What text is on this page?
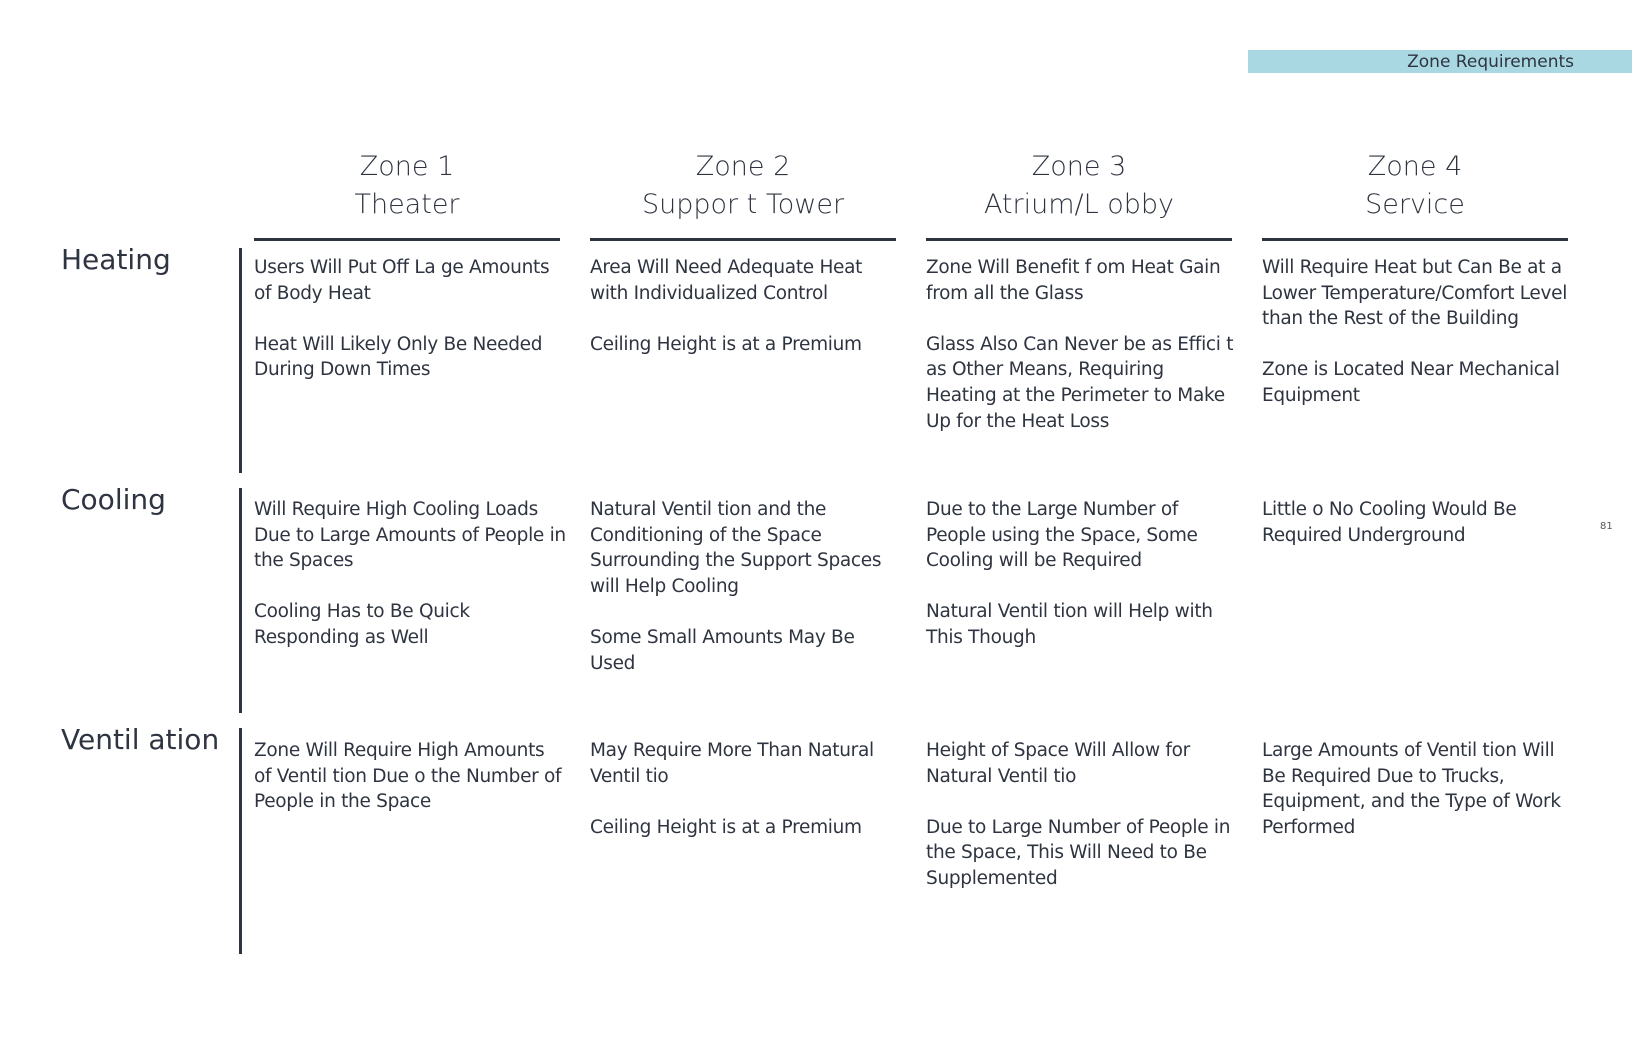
Zone Requirements
Zone 1
Theater
Zone 2
Suppor t Tower
Zone 3
Atrium/L obby
Zone 4
Service
Heating	Users Will Put Off La ge Amounts of Body Heat

Heat Will Likely Only Be Needed During Down Times

Area Will Need Adequate Heat with Individualized Control

Ceiling Height is at a Premium

Zone Will Benefit f om Heat Gain from all the Glass

Glass Also Can Never be as Effici t as Other Means, Requiring Heating at the Perimeter to Make Up for the Heat Loss

Will Require Heat but Can Be at a Lower Temperature/Comfort Level than the Rest of the Building

Zone is Located Near Mechanical Equipment

Cooling	Will Require High Cooling Loads Due to Large Amounts of People in the Spaces

Cooling Has to Be Quick Responding as Well

Natural Ventil tion and the Conditioning of the Space Surrounding the Support Spaces will Help Cooling

Some Small Amounts May Be Used

Due to the Large Number of People using the Space, Some Cooling will be Required

Natural Ventil tion will Help with This Though

Little o No Cooling Would Be Required Underground

Ventil ation Zone Will Require High Amounts of Ventil tion Due o the Number of People in the Space

May Require More Than Natural Ventil tio

Ceiling Height is at a Premium

Height of Space Will Allow for Natural Ventil tio

Due to Large Number of People in the Space, This Will Need to Be Supplemented

Large Amounts of Ventil tion Will Be Required Due to Trucks, Equipment, and the Type of Work Performed

81
